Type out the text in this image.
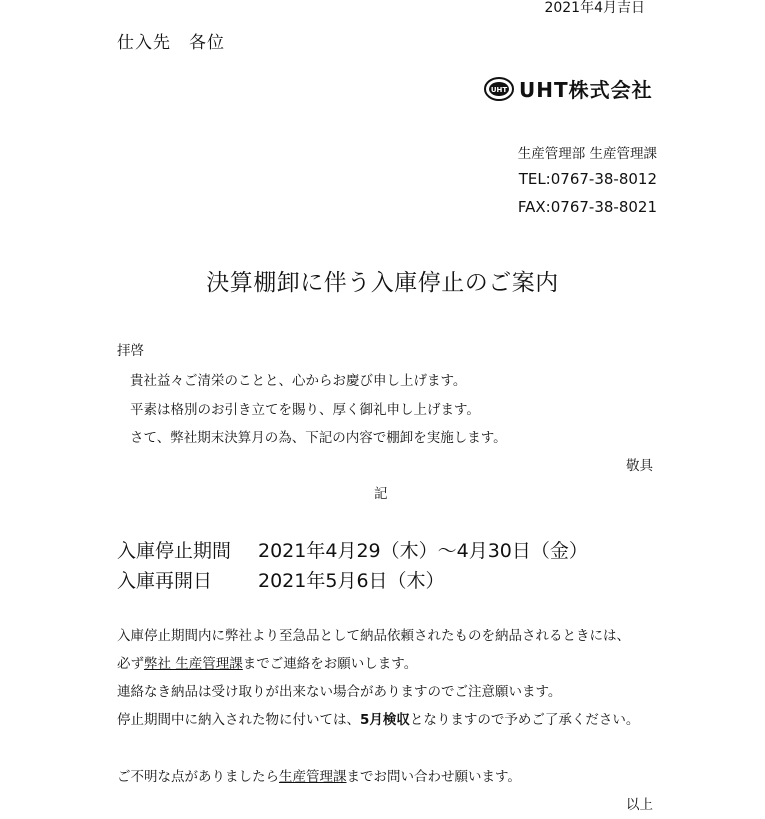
2021年4月吉日
仕入先　各位
UHT UHT株式会社
生産管理部 生産管理課
TEL:0767-38-8012
FAX:0767-38-8021
決算棚卸に伴う入庫停止のご案内
拝啓
貴社益々ご清栄のことと、心からお慶び申し上げます。
平素は格別のお引き立てを賜り、厚く御礼申し上げます。
さて、弊社期末決算月の為、下記の内容で棚卸を実施します。
敬具
記
入庫停止期間 2021年4月29（木）〜4月30日（金）
入庫再開日 2021年5月6日（木）
入庫停止期間内に弊社より至急品として納品依頼されたものを納品されるときには、
必ず弊社 生産管理課までご連絡をお願いします。
連絡なき納品は受け取りが出来ない場合がありますのでご注意願います。
停止期間中に納入された物に付いては、5月検収となりますので予めご了承ください。
ご不明な点がありましたら生産管理課までお問い合わせ願います。
以上
